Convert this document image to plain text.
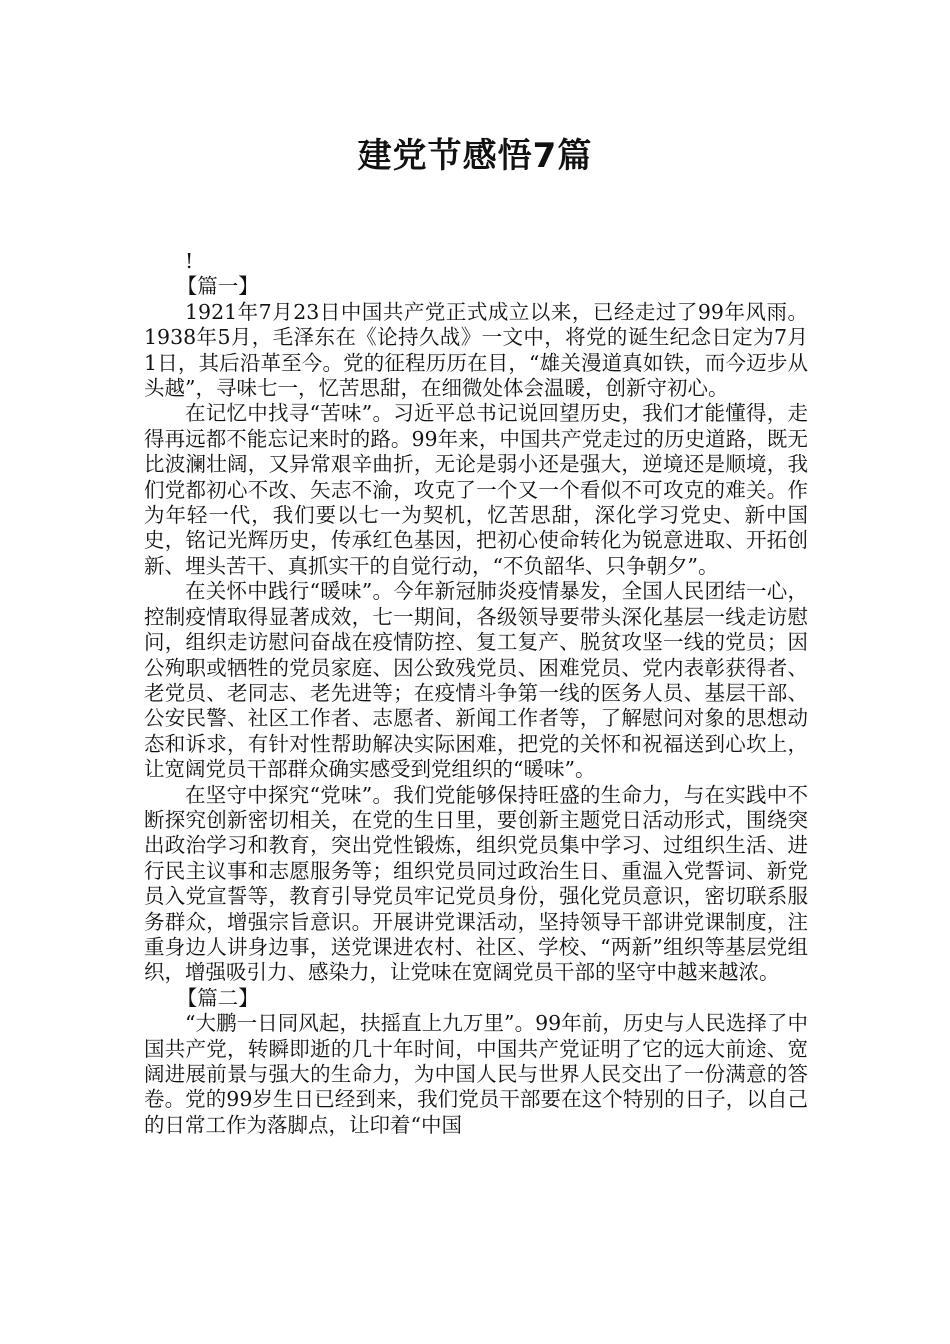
建党节感悟7篇

!

【篇一】

1921年7月23日中国共产党正式成立以来，已经走过了99年风雨。1938年5月，毛泽东在《论持久战》一文中，将党的诞生纪念日定为7月1日，其后沿革至今。党的征程历历在目，“雄关漫道真如铁，而今迈步从头越”，寻味七一，忆苦思甜，在细微处体会温暖，创新守初心。

在记忆中找寻“苦味”。习近平总书记说回望历史，我们才能懂得，走得再远都不能忘记来时的路。99年来，中国共产党走过的历史道路，既无比波澜壮阔，又异常艰辛曲折，无论是弱小还是强大，逆境还是顺境，我们党都初心不改、矢志不渝，攻克了一个又一个看似不可攻克的难关。作为年轻一代，我们要以七一为契机，忆苦思甜，深化学习党史、新中国史，铭记光辉历史，传承红色基因，把初心使命转化为锐意进取、开拓创新、埋头苦干、真抓实干的自觉行动，“不负韶华、只争朝夕”。

在关怀中践行“暖味”。今年新冠肺炎疫情暴发，全国人民团结一心，控制疫情取得显著成效，七一期间，各级领导要带头深化基层一线走访慰问，组织走访慰问奋战在疫情防控、复工复产、脱贫攻坚一线的党员；因公殉职或牺牲的党员家庭、因公致残党员、困难党员、党内表彰获得者、老党员、老同志、老先进等；在疫情斗争第一线的医务人员、基层干部、公安民警、社区工作者、志愿者、新闻工作者等，了解慰问对象的思想动态和诉求，有针对性帮助解决实际困难，把党的关怀和祝福送到心坎上，让宽阔党员干部群众确实感受到党组织的“暖味”。

在坚守中探究“党味”。我们党能够保持旺盛的生命力，与在实践中不断探究创新密切相关，在党的生日里，要创新主题党日活动形式，围绕突出政治学习和教育，突出党性锻炼，组织党员集中学习、过组织生活、进行民主议事和志愿服务等；组织党员同过政治生日、重温入党誓词、新党员入党宣誓等，教育引导党员牢记党员身份，强化党员意识，密切联系服务群众，增强宗旨意识。开展讲党课活动，坚持领导干部讲党课制度，注重身边人讲身边事，送党课进农村、社区、学校、“两新”组织等基层党组织，增强吸引力、感染力，让党味在宽阔党员干部的坚守中越来越浓。

【篇二】

“大鹏一日同风起，扶摇直上九万里”。99年前，历史与人民选择了中国共产党，转瞬即逝的几十年时间，中国共产党证明了它的远大前途、宽阔进展前景与强大的生命力，为中国人民与世界人民交出了一份满意的答卷。党的99岁生日已经到来，我们党员干部要在这个特别的日子，以自己的日常工作为落脚点，让印着“中国
